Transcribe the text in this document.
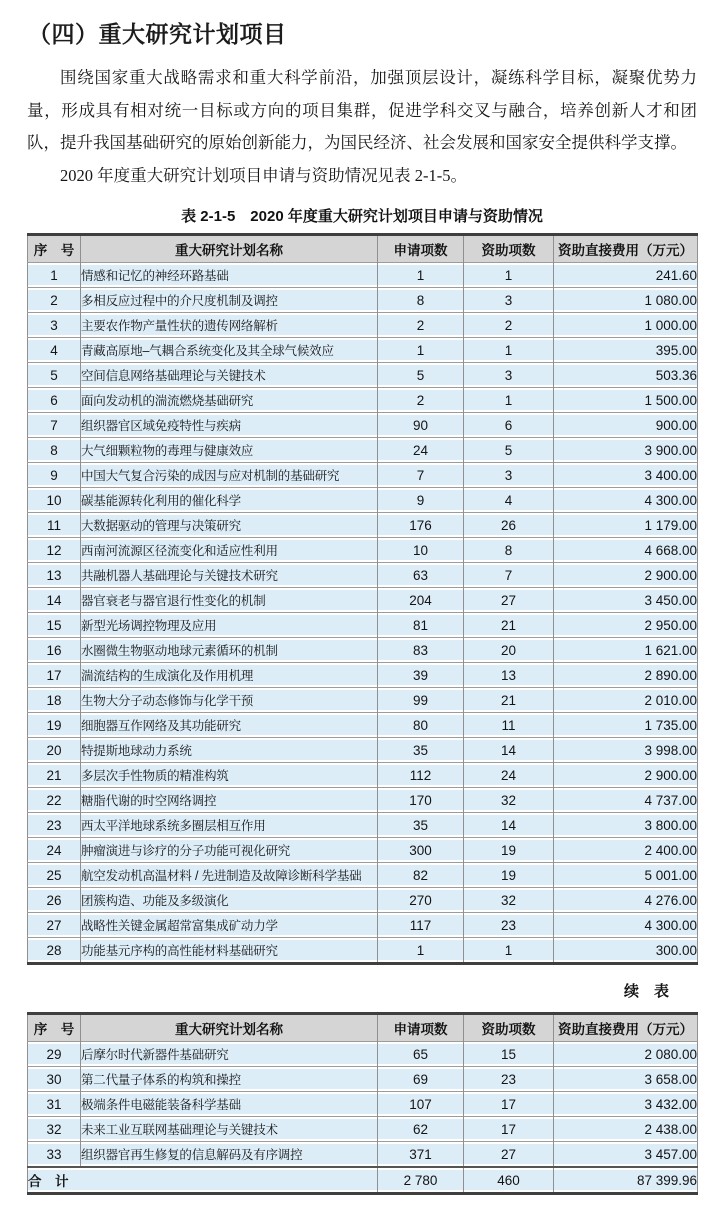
（四）重大研究计划项目

围绕国家重大战略需求和重大科学前沿，加强顶层设计，凝练科学目标，凝聚优势力量，形成具有相对统一目标或方向的项目集群，促进学科交叉与融合，培养创新人才和团队，提升我国基础研究的原始创新能力，为国民经济、社会发展和国家安全提供科学支撑。

2020 年度重大研究计划项目申请与资助情况见表 2-1-5。

表 2-1-5　2020 年度重大研究计划项目申请与资助情况
序　号	重大研究计划名称	申请项数	资助项数	资助直接费用（万元）
1	情感和记忆的神经环路基础	1	1	241.60
2	多相反应过程中的介尺度机制及调控	8	3	1 080.00
3	主要农作物产量性状的遗传网络解析	2	2	1 000.00
4	青藏高原地–气耦合系统变化及其全球气候效应	1	1	395.00
5	空间信息网络基础理论与关键技术	5	3	503.36
6	面向发动机的湍流燃烧基础研究	2	1	1 500.00
7	组织器官区域免疫特性与疾病	90	6	900.00
8	大气细颗粒物的毒理与健康效应	24	5	3 900.00
9	中国大气复合污染的成因与应对机制的基础研究	7	3	3 400.00
10	碳基能源转化利用的催化科学	9	4	4 300.00
11	大数据驱动的管理与决策研究	176	26	1 179.00
12	西南河流源区径流变化和适应性利用	10	8	4 668.00
13	共融机器人基础理论与关键技术研究	63	7	2 900.00
14	器官衰老与器官退行性变化的机制	204	27	3 450.00
15	新型光场调控物理及应用	81	21	2 950.00
16	水圈微生物驱动地球元素循环的机制	83	20	1 621.00
17	湍流结构的生成演化及作用机理	39	13	2 890.00
18	生物大分子动态修饰与化学干预	99	21	2 010.00
19	细胞器互作网络及其功能研究	80	11	1 735.00
20	特提斯地球动力系统	35	14	3 998.00
21	多层次手性物质的精准构筑	112	24	2 900.00
22	糖脂代谢的时空网络调控	170	32	4 737.00
23	西太平洋地球系统多圈层相互作用	35	14	3 800.00
24	肿瘤演进与诊疗的分子功能可视化研究	300	19	2 400.00
25	航空发动机高温材料 / 先进制造及故障诊断科学基础	82	19	5 001.00
26	团簇构造、功能及多级演化	270	32	4 276.00
27	战略性关键金属超常富集成矿动力学	117	23	4 300.00
28	功能基元序构的高性能材料基础研究	1	1	300.00
续　表
序　号	重大研究计划名称	申请项数	资助项数	资助直接费用（万元）
29	后摩尔时代新器件基础研究	65	15	2 080.00
30	第二代量子体系的构筑和操控	69	23	3 658.00
31	极端条件电磁能装备科学基础	107	17	3 432.00
32	未来工业互联网基础理论与关键技术	62	17	2 438.00
33	组织器官再生修复的信息解码及有序调控	371	27	3 457.00
合　计		2 780	460	87 399.96
